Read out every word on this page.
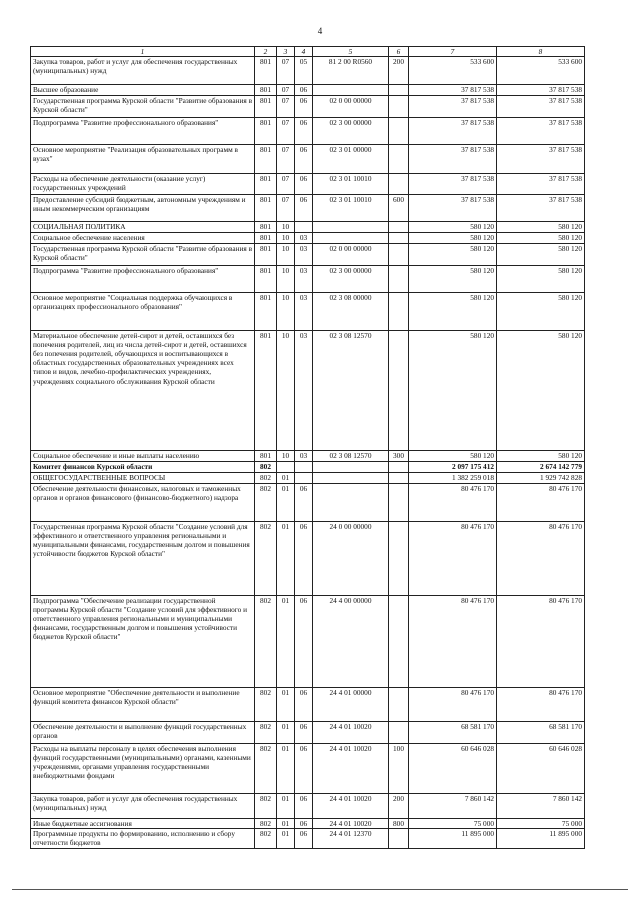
4
1	2	3	4	5	6	7	8
Закупка товаров, работ и услуг для обеспечения государственных (муниципальных) нужд	801	07	05	81 2 00 R0560	200	533 600	533 600
Высшее образование	801	07	06			37 817 538	37 817 538
Государственная программа Курской области "Развитие образования в Курской области"	801	07	06	02 0 00 00000		37 817 538	37 817 538
Подпрограмма "Развитие профессионального образования"	801	07	06	02 3 00 00000		37 817 538	37 817 538
Основное мероприятие "Реализация образовательных программ в вузах"	801	07	06	02 3 01 00000		37 817 538	37 817 538
Расходы на обеспечение деятельности (оказание услуг) государственных учреждений	801	07	06	02 3 01 10010		37 817 538	37 817 538
Предоставление субсидий бюджетным, автономным учреждениям и иным некоммерческим организациям	801	07	06	02 3 01 10010	600	37 817 538	37 817 538
СОЦИАЛЬНАЯ ПОЛИТИКА	801	10				580 120	580 120
Социальное обеспечение населения	801	10	03			580 120	580 120
Государственная программа Курской области "Развитие образования в Курской области"	801	10	03	02 0 00 00000		580 120	580 120
Подпрограмма "Развитие профессионального образования"	801	10	03	02 3 00 00000		580 120	580 120
Основное мероприятие "Социальная поддержка обучающихся в организациях профессионального образования"	801	10	03	02 3 08 00000		580 120	580 120
Материальное обеспечение детей-сирот и детей, оставшихся без попечения родителей, лиц из числа детей-сирот и детей, оставшихся без попечения родителей, обучающихся и воспитывающихся в областных государственных образовательных учреждениях всех типов и видов, лечебно-профилактических учреждениях, учреждениях социального обслуживания Курской области	801	10	03	02 3 08 12570		580 120	580 120
Социальное обеспечение и иные выплаты населению	801	10	03	02 3 08 12570	300	580 120	580 120
Комитет финансов Курской области	802					2 097 175 412	2 674 142 779
ОБЩЕГОСУДАРСТВЕННЫЕ ВОПРОСЫ	802	01				1 382 259 018	1 929 742 828
Обеспечение деятельности финансовых, налоговых и таможенных органов и органов финансового (финансово-бюджетного) надзора	802	01	06			80 476 170	80 476 170
Государственная программа Курской области "Создание условий для эффективного и ответственного управления региональными и муниципальными финансами, государственным долгом и повышения устойчивости бюджетов Курской области"	802	01	06	24 0 00 00000		80 476 170	80 476 170
Подпрограмма "Обеспечение реализации государственной программы Курской области "Создание условий для эффективного и ответственного управления региональными и муниципальными финансами, государственным долгом и повышения устойчивости бюджетов Курской области"	802	01	06	24 4 00 00000		80 476 170	80 476 170
Основное мероприятие "Обеспечение деятельности и выполнение функций комитета финансов Курской области"	802	01	06	24 4 01 00000		80 476 170	80 476 170
Обеспечение деятельности и выполнение функций государственных органов	802	01	06	24 4 01 10020		68 581 170	68 581 170
Расходы на выплаты персоналу в целях обеспечения выполнения функций государственными (муниципальными) органами, казенными учреждениями, органами управления государственными внебюджетными фондами	802	01	06	24 4 01 10020	100	60 646 028	60 646 028
Закупка товаров, работ и услуг для обеспечения государственных (муниципальных) нужд	802	01	06	24 4 01 10020	200	7 860 142	7 860 142
Иные бюджетные ассигнования	802	01	06	24 4 01 10020	800	75 000	75 000
Программные продукты по формированию, исполнению и сбору отчетности бюджетов	802	01	06	24 4 01 12370		11 895 000	11 895 000
